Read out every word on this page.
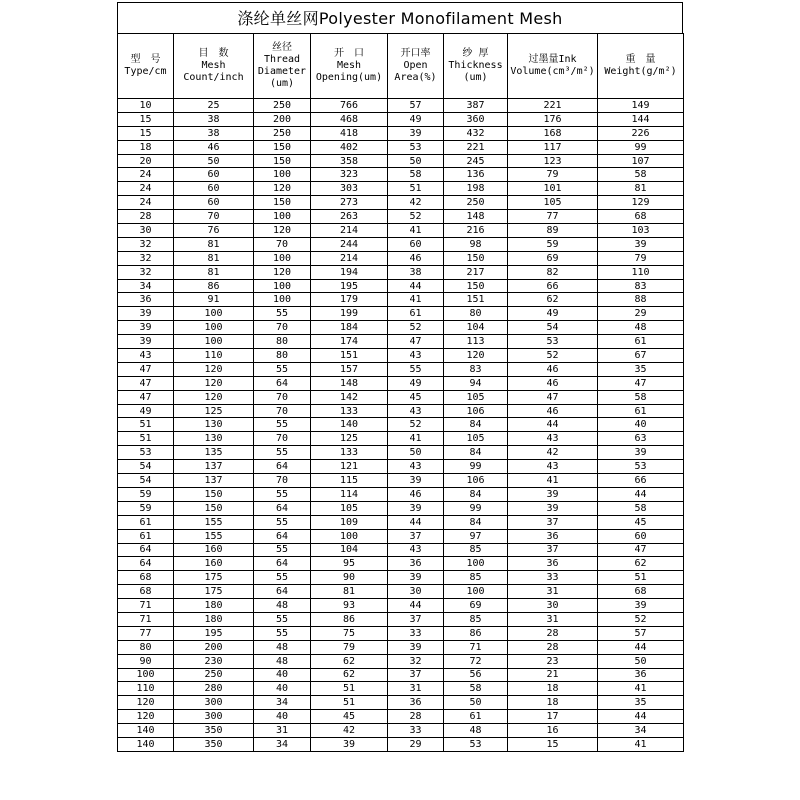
涤纶单丝网Polyester Monofilament Mesh
型　号
Type/cm	目　数
Mesh
Count/inch	丝径
Thread
Diameter
(um)	开　口
Mesh
Opening(um)	开口率
Open
Area(%)	纱 厚
Thickness
(um)	过墨量Ink
Volume(cm³/m²)	重　量
Weight(g/m²)

10	25	250	766	57	387	221	149
15	38	200	468	49	360	176	144
15	38	250	418	39	432	168	226
18	46	150	402	53	221	117	99
20	50	150	358	50	245	123	107
24	60	100	323	58	136	79	58
24	60	120	303	51	198	101	81
24	60	150	273	42	250	105	129
28	70	100	263	52	148	77	68
30	76	120	214	41	216	89	103
32	81	70	244	60	98	59	39
32	81	100	214	46	150	69	79
32	81	120	194	38	217	82	110
34	86	100	195	44	150	66	83
36	91	100	179	41	151	62	88
39	100	55	199	61	80	49	29
39	100	70	184	52	104	54	48
39	100	80	174	47	113	53	61
43	110	80	151	43	120	52	67
47	120	55	157	55	83	46	35
47	120	64	148	49	94	46	47
47	120	70	142	45	105	47	58
49	125	70	133	43	106	46	61
51	130	55	140	52	84	44	40
51	130	70	125	41	105	43	63
53	135	55	133	50	84	42	39
54	137	64	121	43	99	43	53
54	137	70	115	39	106	41	66
59	150	55	114	46	84	39	44
59	150	64	105	39	99	39	58
61	155	55	109	44	84	37	45
61	155	64	100	37	97	36	60
64	160	55	104	43	85	37	47
64	160	64	95	36	100	36	62
68	175	55	90	39	85	33	51
68	175	64	81	30	100	31	68
71	180	48	93	44	69	30	39
71	180	55	86	37	85	31	52
77	195	55	75	33	86	28	57
80	200	48	79	39	71	28	44
90	230	48	62	32	72	23	50
100	250	40	62	37	56	21	36
110	280	40	51	31	58	18	41
120	300	34	51	36	50	18	35
120	300	40	45	28	61	17	44
140	350	31	42	33	48	16	34
140	350	34	39	29	53	15	41
